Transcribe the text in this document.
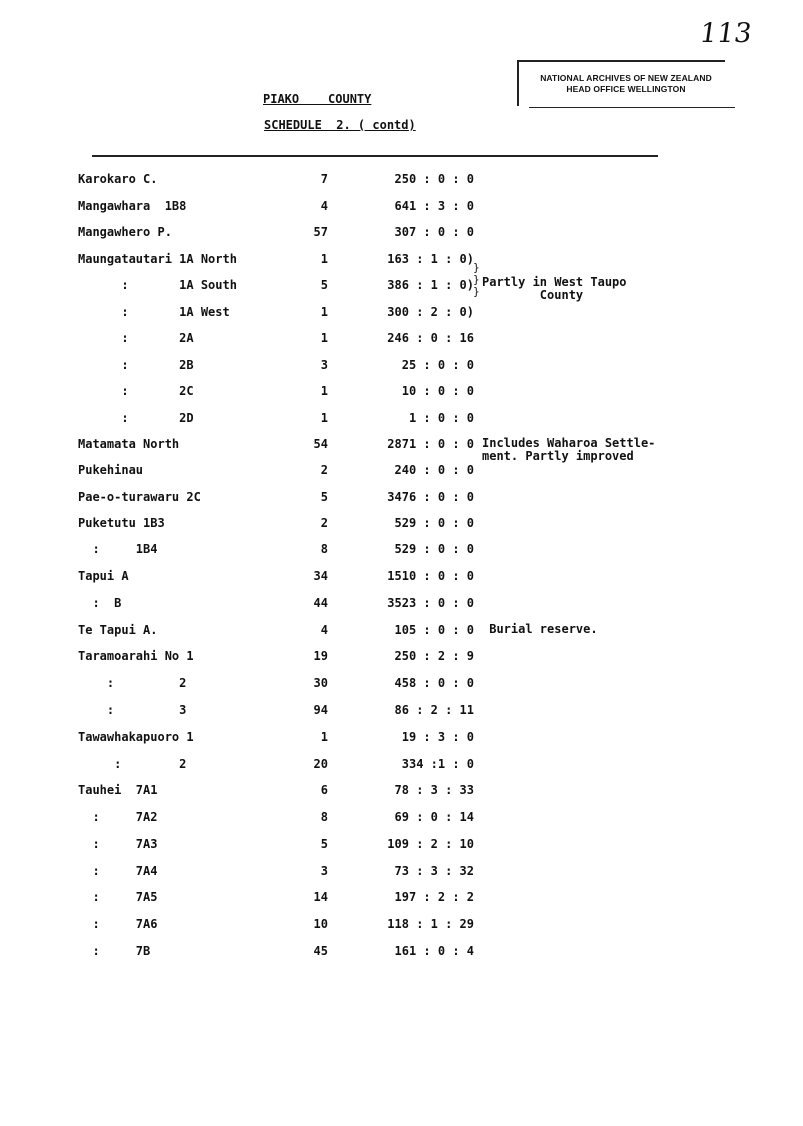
113
NATIONAL ARCHIVES OF NEW ZEALAND
HEAD OFFICE WELLINGTON
PIAKO    COUNTY
SCHEDULE  2. ( contd)
Karokaro C.	7	250 : 0 : 0
Mangawhara  1B8	4	641 : 3 : 0
Mangawhero P.	57	307 : 0 : 0
Maungatautari 1A North	1	163 : 1 : 0)
:       1A South	5	386 : 1 : 0) Partly in West Taupo
County
:       1A West	1	300 : 2 : 0)
:       2A	1	246 : 0 : 16
:       2B	3	25 : 0 : 0
:       2C	1	10 : 0 : 0
:       2D	1	1 : 0 : 0
Matamata North	54	2871 : 0 : 0 Includes Waharoa Settle-
ment. Partly improved
Pukehinau	2	240 : 0 : 0
Pae-o-turawaru 2C	5	3476 : 0 : 0
Puketutu 1B3	2	529 : 0 : 0
:     1B4	8	529 : 0 : 0
Tapui A	34	1510 : 0 : 0
:  B	44	3523 : 0 : 0
Te Tapui A.	4	105 : 0 : 0 Burial reserve.
Taramoarahi No 1	19	250 : 2 : 9
:         2	30	458 : 0 : 0
:         3	94	86 : 2 : 11
Tawawhakapuoro 1	1	19 : 3 : 0
:        2	20	334 :1 : 0
Tauhei  7A1	6	78 : 3 : 33
:     7A2	8	69 : 0 : 14
:     7A3	5	109 : 2 : 10
:     7A4	3	73 : 3 : 32
:     7A5	14	197 : 2 : 2
:     7A6	10	118 : 1 : 29
:     7B	45	161 : 0 : 4
}
}
}
